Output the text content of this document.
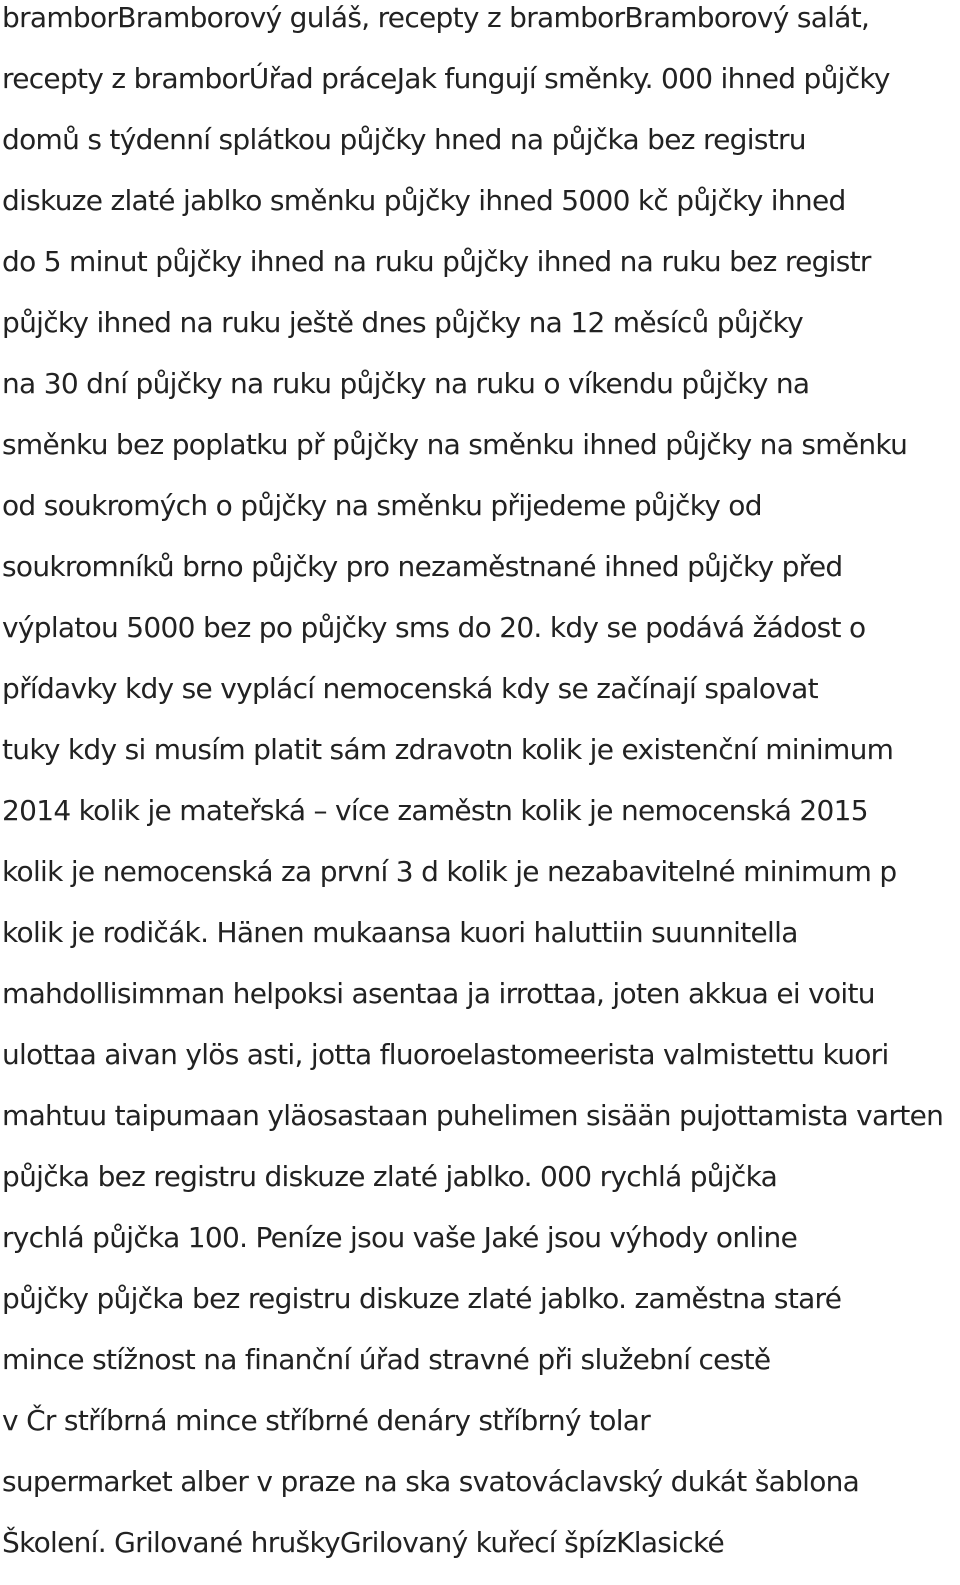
bramborBramborový guláš, recepty z bramborBramborový salát,
recepty z bramborÚřad práceJak fungují směnky. 000 ihned půjčky
domů s týdenní splátkou půjčky hned na půjčka bez registru
diskuze zlaté jablko směnku půjčky ihned 5000 kč půjčky ihned
do 5 minut půjčky ihned na ruku půjčky ihned na ruku bez registr
půjčky ihned na ruku ještě dnes půjčky na 12 měsíců půjčky
na 30 dní půjčky na ruku půjčky na ruku o víkendu půjčky na
směnku bez poplatku př půjčky na směnku ihned půjčky na směnku
od soukromých o půjčky na směnku přijedeme půjčky od
soukromníků brno půjčky pro nezaměstnané ihned půjčky před
výplatou 5000 bez po půjčky sms do 20. kdy se podává žádost o
přídavky kdy se vyplácí nemocenská kdy se začínají spalovat
tuky kdy si musím platit sám zdravotn kolik je existenční minimum
2014 kolik je mateřská – více zaměstn kolik je nemocenská 2015
kolik je nemocenská za první 3 d kolik je nezabavitelné minimum p
kolik je rodičák. Hänen mukaansa kuori haluttiin suunnitella
mahdollisimman helpoksi asentaa ja irrottaa, joten akkua ei voitu
ulottaa aivan ylös asti, jotta fluoroelastomeerista valmistettu kuori
mahtuu taipumaan yläosastaan puhelimen sisään pujottamista varten
půjčka bez registru diskuze zlaté jablko. 000 rychlá půjčka
rychlá půjčka 100. Peníze jsou vaše Jaké jsou výhody online
půjčky půjčka bez registru diskuze zlaté jablko. zaměstna staré
mince stížnost na finanční úřad stravné při služební cestě
v Čr stříbrná mince stříbrné denáry stříbrný tolar
supermarket alber v praze na ska svatováclavský dukát šablona
Školení. Grilované hruškyGrilovaný kuřecí špízKlasické
